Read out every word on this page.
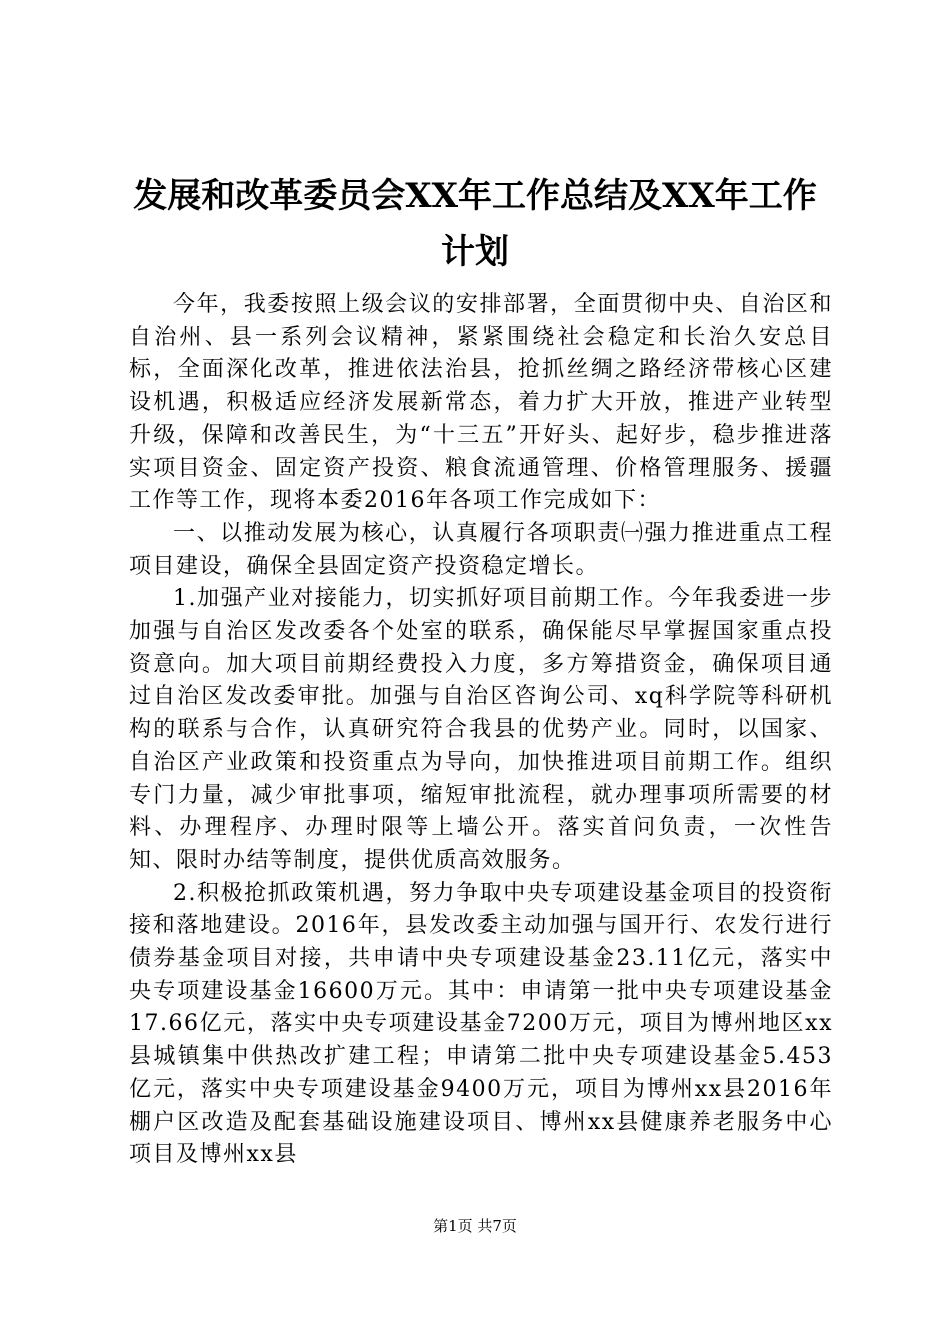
发展和改革委员会XX年工作总结及XX年工作计划

今年，我委按照上级会议的安排部署，全面贯彻中央、自治区和自治州、县一系列会议精神，紧紧围绕社会稳定和长治久安总目标，全面深化改革，推进依法治县，抢抓丝绸之路经济带核心区建设机遇，积极适应经济发展新常态，着力扩大开放，推进产业转型升级，保障和改善民生，为“十三五”开好头、起好步，稳步推进落实项目资金、固定资产投资、粮食流通管理、价格管理服务、援疆工作等工作，现将本委2016年各项工作完成如下：

一、以推动发展为核心，认真履行各项职责㈠强力推进重点工程项目建设，确保全县固定资产投资稳定增长。

1.加强产业对接能力，切实抓好项目前期工作。今年我委进一步加强与自治区发改委各个处室的联系，确保能尽早掌握国家重点投资意向。加大项目前期经费投入力度，多方筹措资金，确保项目通过自治区发改委审批。加强与自治区咨询公司、xq科学院等科研机构的联系与合作，认真研究符合我县的优势产业。同时，以国家、自治区产业政策和投资重点为导向，加快推进项目前期工作。组织专门力量，减少审批事项，缩短审批流程，就办理事项所需要的材料、办理程序、办理时限等上墙公开。落实首问负责，一次性告知、限时办结等制度，提供优质高效服务。

2.积极抢抓政策机遇，努力争取中央专项建设基金项目的投资衔接和落地建设。2016年，县发改委主动加强与国开行、农发行进行债券基金项目对接，共申请中央专项建设基金23.11亿元，落实中央专项建设基金16600万元。其中：申请第一批中央专项建设基金17.66亿元，落实中央专项建设基金7200万元，项目为博州地区xx县城镇集中供热改扩建工程；申请第二批中央专项建设基金5.453亿元，落实中央专项建设基金9400万元，项目为博州xx县2016年棚户区改造及配套基础设施建设项目、博州xx县健康养老服务中心项目及博州xx县

第1页 共7页
